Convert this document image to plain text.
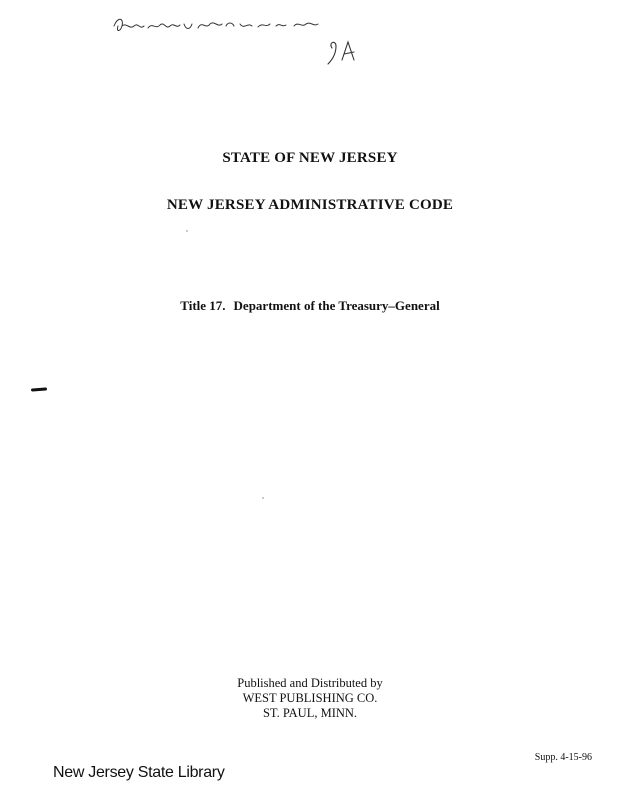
STATE OF NEW JERSEY
NEW JERSEY ADMINISTRATIVE CODE
Title 17. Department of the Treasury–General
Published and Distributed by
WEST PUBLISHING CO.
ST. PAUL, MINN.
Supp. 4-15-96
New Jersey State Library
